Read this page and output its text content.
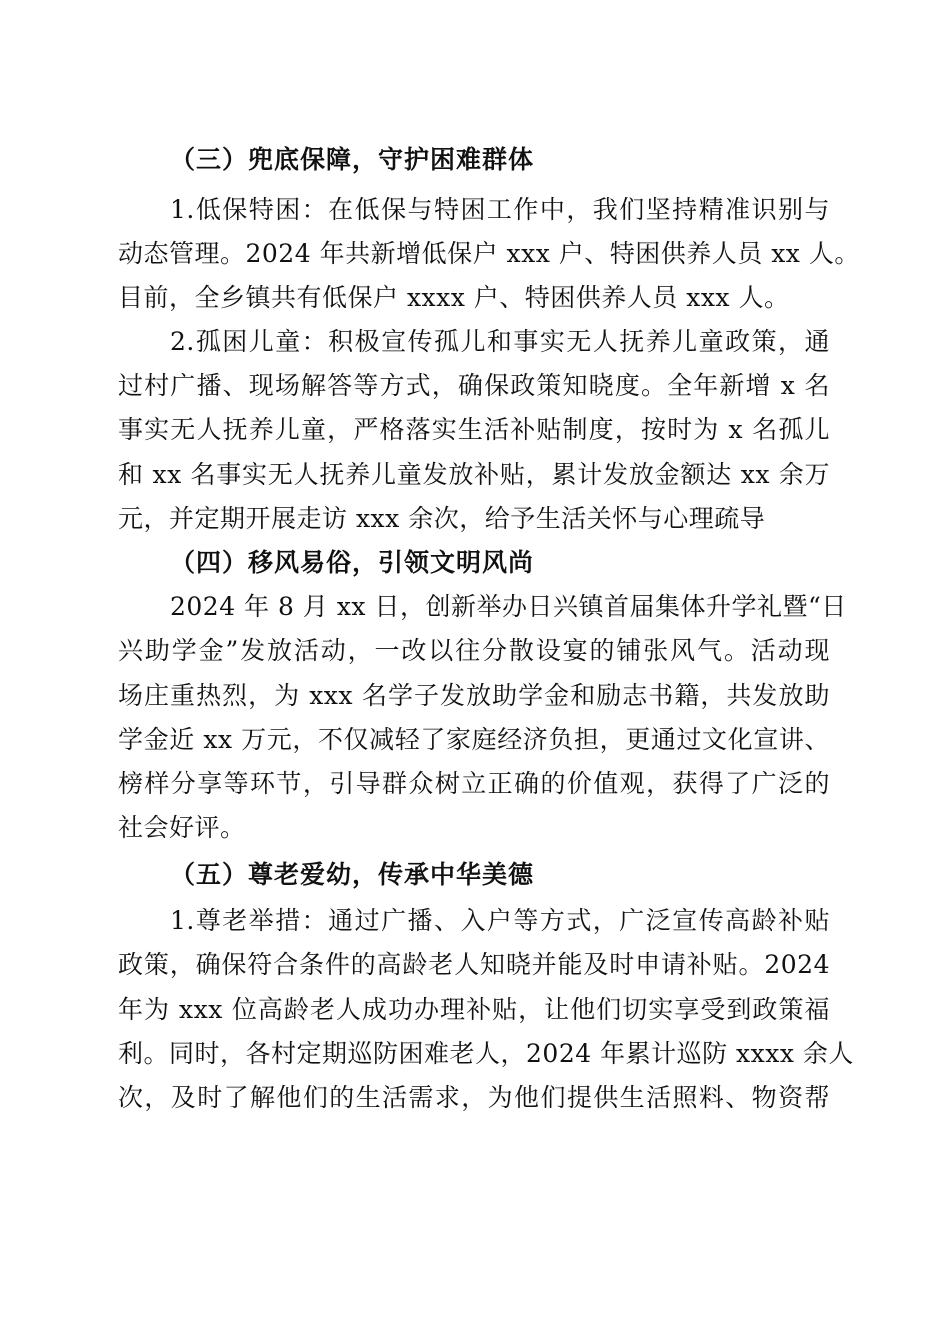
（三）兜底保障，守护困难群体
1.低保特困：在低保与特困工作中，我们坚持精准识别与
动态管理。2024 年共新增低保户 xxx 户、特困供养人员 xx 人。
目前，全乡镇共有低保户 xxxx 户、特困供养人员 xxx 人。
2.孤困儿童：积极宣传孤儿和事实无人抚养儿童政策，通
过村广播、现场解答等方式，确保政策知晓度。全年新增 x 名
事实无人抚养儿童，严格落实生活补贴制度，按时为 x 名孤儿
和 xx 名事实无人抚养儿童发放补贴，累计发放金额达 xx 余万
元，并定期开展走访 xxx 余次，给予生活关怀与心理疏导
（四）移风易俗，引领文明风尚
2024 年 8 月 xx 日，创新举办日兴镇首届集体升学礼暨“日
兴助学金”发放活动，一改以往分散设宴的铺张风气。活动现
场庄重热烈，为 xxx 名学子发放助学金和励志书籍，共发放助
学金近 xx 万元，不仅减轻了家庭经济负担，更通过文化宣讲、
榜样分享等环节，引导群众树立正确的价值观，获得了广泛的
社会好评。
（五）尊老爱幼，传承中华美德
1.尊老举措：通过广播、入户等方式，广泛宣传高龄补贴
政策，确保符合条件的高龄老人知晓并能及时申请补贴。2024
年为 xxx 位高龄老人成功办理补贴，让他们切实享受到政策福
利。同时，各村定期巡防困难老人，2024 年累计巡防 xxxx 余人
次，及时了解他们的生活需求，为他们提供生活照料、物资帮
